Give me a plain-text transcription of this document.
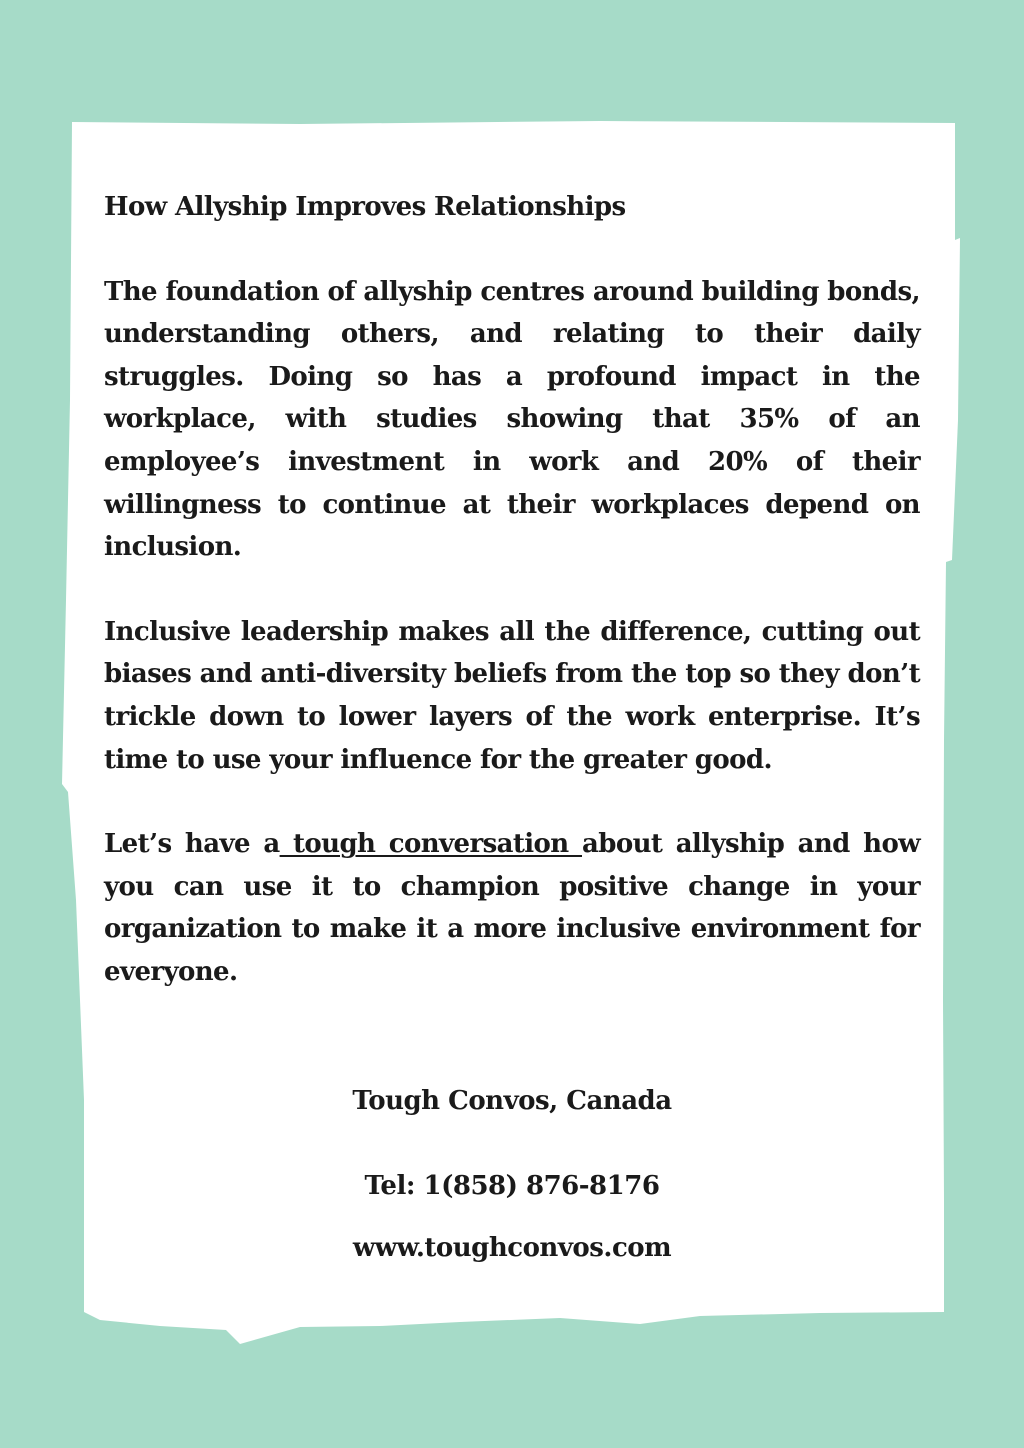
How Allyship Improves Relationships

The foundation of allyship centres around building bonds, understanding others, and relating to their daily struggles. Doing so has a profound impact in the workplace, with studies showing that 35% of an employee’s investment in work and 20% of their willingness to continue at their workplaces depend on inclusion.

Inclusive leadership makes all the difference, cutting out biases and anti-diversity beliefs from the top so they don’t trickle down to lower layers of the work enterprise. It’s time to use your influence for the greater good.

Let’s have a tough conversation about allyship and how you can use it to champion positive change in your organization to make it a more inclusive environment for everyone.

Tough Convos, Canada
Tel: 1(858) 876-8176
www.toughconvos.com
